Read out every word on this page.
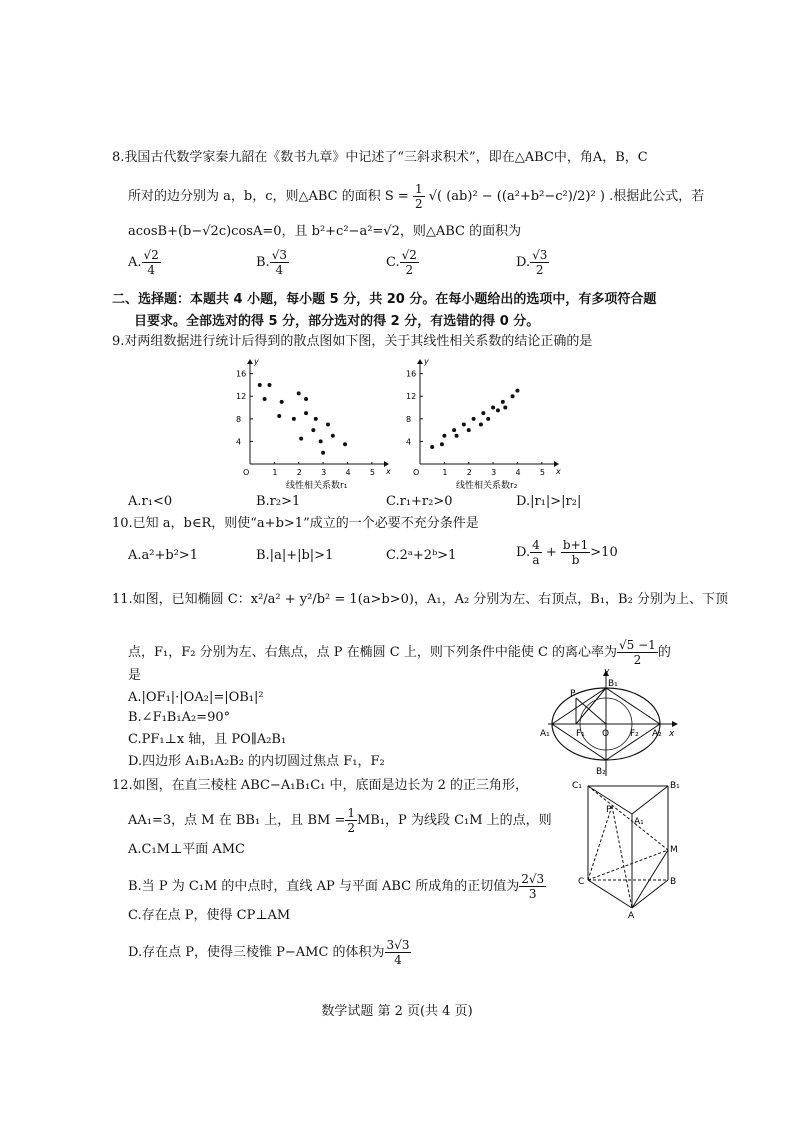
8.我国古代数学家秦九韶在《数书九章》中记述了“三斜求积术”，即在△ABC中，角A，B，C
所对的边分别为 a，b，c，则△ABC 的面积 $S = \frac{1}{2}$ √( (ab)² − ((a²+b²−c²)/2)² ) .根据此公式，若
acosB+(b−√2c)cosA=0，且 b²+c²−a²=√2，则△ABC 的面积为
A. $\frac{√2}{4}$	B. $\frac{√3}{4}$	C. $\frac{√2}{2}$	D. $\frac{√3}{2}$
二、选择题：本题共 4 小题，每小题 5 分，共 20 分。在每小题给出的选项中，有多项符合题
目要求。全部选对的得 5 分，部分选对的得 2 分，有选错的得 0 分。
9.对两组数据进行统计后得到的散点图如下图，关于其线性相关系数的结论正确的是
x
y
O	1 2 3 4 5
4
8
12
16
线性相关系数r₁
x
y
O	1 2 3 4 5
4
8
12
16
线性相关系数r₂
A.r₁<0	B.r₂>1	C.r₁+r₂>0	D.|r₁|>|r₂|
10.已知 a，b∈R，则使“a+b>1”成立的一个必要不充分条件是
A.a²+b²>1	B.|a|+|b|>1	C.2ᵃ+2ᵇ>1	D. $\frac{4}{a} + \frac{b+1}{b} >10$
11.如图，已知椭圆 C：x²/a² + y²/b² = 1(a>b>0)，A₁，A₂ 分别为左、右顶点，B₁，B₂ 分别为上、下顶
点，F₁，F₂ 分别为左、右焦点，点 P 在椭圆 C 上，则下列条件中能使 C 的离心率为 $\frac{√5 -1}{2}$ 的
是
A.|OF₁|·|OA₂|=|OB₁|²
B.∠F₁B₁A₂=90°
C.PF₁⊥x 轴，且 PO∥A₂B₁
D.四边形 A₁B₁A₂B₂ 的内切圆过焦点 F₁，F₂
y
x
B₁
B₂
A₁	A₂
F₁	F₂
O
P
12.如图，在直三棱柱 ABC−A₁B₁C₁ 中，底面是边长为 2 的正三角形，
AA₁=3，点 M 在 BB₁ 上，且 BM = $\frac{1}{2} MB_1$，P 为线段 C₁M 上的点，则
A.C₁M⊥平面 AMC
B.当 P 为 C₁M 的中点时，直线 AP 与平面 ABC 所成角的正切值为 $\frac{2√3}{3}$
C.存在点 P，使得 CP⊥AM
D.存在点 P，使得三棱锥 P−AMC 的体积为 $\frac{3√3}{4}$
C₁	B₁
A₁
P
M
C	B
A
数学试题 第 2 页(共 4 页)
